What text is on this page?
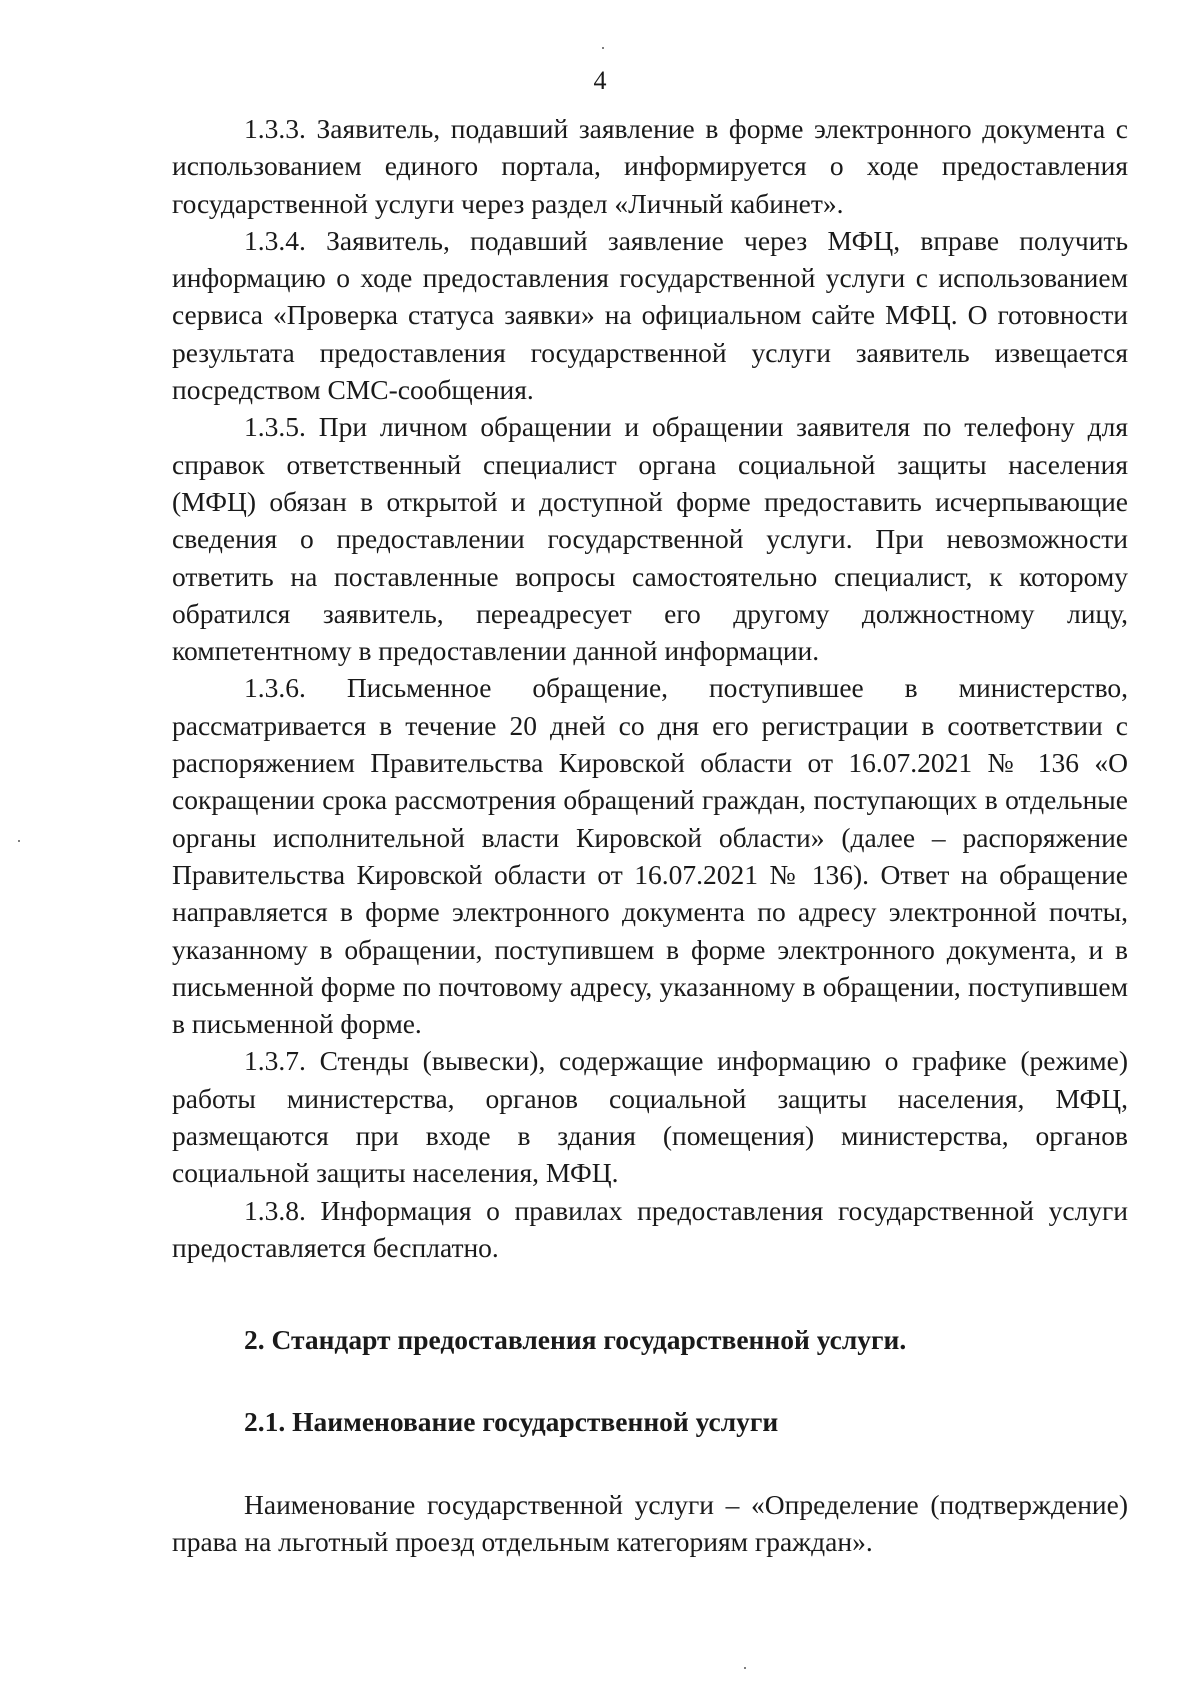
4

1.3.3. Заявитель, подавший заявление в форме электронного документа с использованием единого портала, информируется о ходе предоставления государственной услуги через раздел «Личный кабинет».

1.3.4. Заявитель, подавший заявление через МФЦ, вправе получить информацию о ходе предоставления государственной услуги с использованием сервиса «Проверка статуса заявки» на официальном сайте МФЦ. О готовности результата предоставления государственной услуги заявитель извещается посредством СМС-сообщения.

1.3.5. При личном обращении и обращении заявителя по телефону для справок ответственный специалист органа социальной защиты населения (МФЦ) обязан в открытой и доступной форме предоставить исчерпывающие сведения о предоставлении государственной услуги. При невозможности ответить на поставленные вопросы самостоятельно специалист, к которому обратился заявитель, переадресует его другому должностному лицу, компетентному в предоставлении данной информации.

1.3.6. Письменное обращение, поступившее в министерство, рассматривается в течение 20 дней со дня его регистрации в соответствии с распоряжением Правительства Кировской области от 16.07.2021 № 136 «О сокращении срока рассмотрения обращений граждан, поступающих в отдельные органы исполнительной власти Кировской области» (далее – распоряжение Правительства Кировской области от 16.07.2021 № 136). Ответ на обращение направляется в форме электронного документа по адресу электронной почты, указанному в обращении, поступившем в форме электронного документа, и в письменной форме по почтовому адресу, указанному в обращении, поступившем в письменной форме.

1.3.7. Стенды (вывески), содержащие информацию о графике (режиме) работы министерства, органов социальной защиты населения, МФЦ, размещаются при входе в здания (помещения) министерства, органов социальной защиты населения, МФЦ.

1.3.8. Информация о правилах предоставления государственной услуги предоставляется бесплатно.

2. Стандарт предоставления государственной услуги.

2.1. Наименование государственной услуги

Наименование государственной услуги – «Определение (подтверждение) права на льготный проезд отдельным категориям граждан».
